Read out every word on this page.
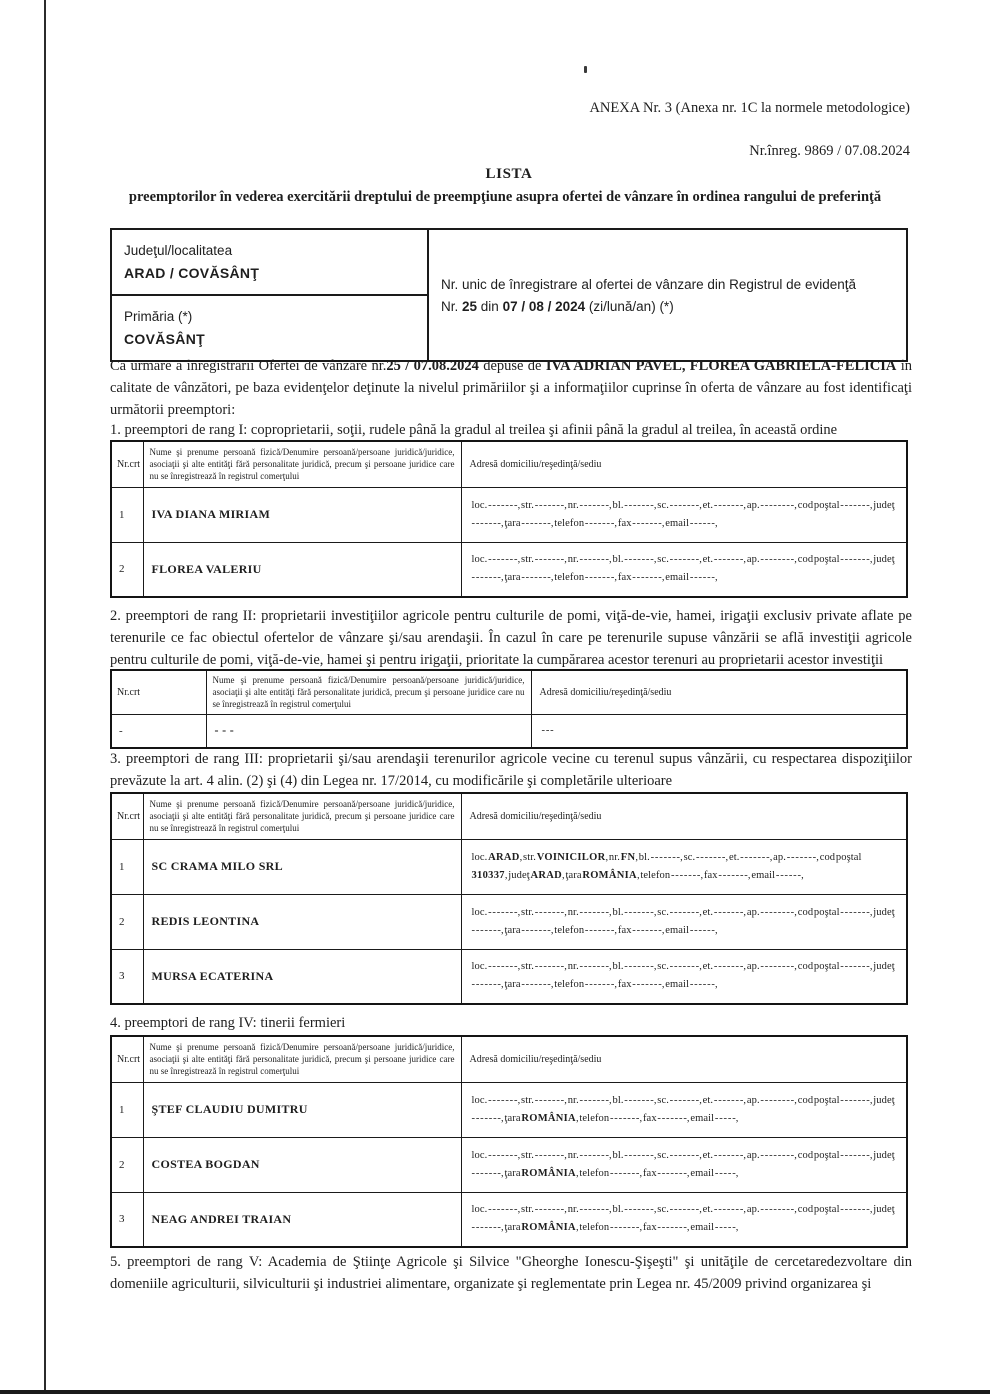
ANEXA Nr. 3 (Anexa nr. 1C la normele metodologice)
Nr.înreg. 9869 / 07.08.2024
LISTA
preemptorilor în vederea exercitării dreptului de preempţiune asupra ofertei de vânzare în ordinea rangului de preferinţă
Judeţul/localitatea
ARAD / COVĂSÂNŢ

Nr. unic de înregistrare al ofertei de vânzare din Registrul de evidenţă
Nr. 25 din 07 / 08 / 2024 (zi/lună/an) (*)

Primăria (*)
COVĂSÂNŢ
Ca urmare a înregistrării Ofertei de vânzare nr.25 / 07.08.2024 depuse de IVA ADRIAN PAVEL, FLOREA GABRIELA-FELICIA în calitate de vânzători, pe baza evidenţelor deţinute la nivelul primăriilor şi a informaţiilor cuprinse în oferta de vânzare au fost identificaţi următorii preemptori:
1. preemptori de rang I: coproprietarii, soţii, rudele până la gradul al treilea şi afinii până la gradul al treilea, în această ordine
Nr.crt	Nume şi prenume persoană fizică/Denumire persoană/persoane juridică/juridice, asociaţii şi alte entităţi fără personalitate juridică, precum şi persoane juridice care nu se înregistrează în registrul comerţului	Adresă domiciliu/reşedinţă/sediu
1	IVA DIANA MIRIAM	loc. - - - - - - -, str. - - - - - - -, nr. - - - - - - -, bl. - - - - - - -, sc. - - - - - - -, et. - - - - - - -, ap. - - - - - - - -, cod poştal - - - - - - -, judeţ - - - - - - -, ţara - - - - - - -, telefon - - - - - - -, fax - - - - - - -, email - - - - - -,
2	FLOREA VALERIU	loc. - - - - - - -, str. - - - - - - -, nr. - - - - - - -, bl. - - - - - - -, sc. - - - - - - -, et. - - - - - - -, ap. - - - - - - - -, cod poştal - - - - - - -, judeţ - - - - - - -, ţara - - - - - - -, telefon - - - - - - -, fax - - - - - - -, email - - - - - -,
2. preemptori de rang II: proprietarii investiţiilor agricole pentru culturile de pomi, viţă-de-vie, hamei, irigaţii exclusiv private aflate pe terenurile ce fac obiectul ofertelor de vânzare şi/sau arendaşii. În cazul în care pe terenurile supuse vânzării se află investiţii agricole pentru culturile de pomi, viţă-de-vie, hamei şi pentru irigaţii, prioritate la cumpărarea acestor terenuri au proprietarii acestor investiţii
Nr.crt	Nume şi prenume persoană fizică/Denumire persoană/persoane juridică/juridice, asociaţii şi alte entităţi fără personalitate juridică, precum şi persoane juridice care nu se înregistrează în registrul comerţului	Adresă domiciliu/reşedinţă/sediu
-	- - -	- - -
3. preemptori de rang III: proprietarii şi/sau arendaşii terenurilor agricole vecine cu terenul supus vânzării, cu respectarea dispoziţiilor prevăzute la art. 4 alin. (2) şi (4) din Legea nr. 17/2014, cu modificările şi completările ulterioare
Nr.crt	Nume şi prenume persoană fizică/Denumire persoană/persoane juridică/juridice, asociaţii şi alte entităţi fără personalitate juridică, precum şi persoane juridice care nu se înregistrează în registrul comerţului	Adresă domiciliu/reşedinţă/sediu
1	SC CRAMA MILO SRL	loc. ARAD, str. VOINICILOR, nr. FN, bl. - - - - - - -, sc. - - - - - - -, et. - - - - - - -, ap. - - - - - - -, cod poştal 310337, judeţ ARAD, ţara ROMÂNIA, telefon - - - - - - -, fax - - - - - - -, email - - - - - -,
2	REDIS LEONTINA	loc. - - - - - - -, str. - - - - - - -, nr. - - - - - - -, bl. - - - - - - -, sc. - - - - - - -, et. - - - - - - -, ap. - - - - - - - -, cod poştal - - - - - - -, judeţ - - - - - - -, ţara - - - - - - -, telefon - - - - - - -, fax - - - - - - -, email - - - - - -,
3	MURSA ECATERINA	loc. - - - - - - -, str. - - - - - - -, nr. - - - - - - -, bl. - - - - - - -, sc. - - - - - - -, et. - - - - - - -, ap. - - - - - - - -, cod poştal - - - - - - -, judeţ - - - - - - -, ţara - - - - - - -, telefon - - - - - - -, fax - - - - - - -, email - - - - - -,
4. preemptori de rang IV: tinerii fermieri
Nr.crt	Nume şi prenume persoană fizică/Denumire persoană/persoane juridică/juridice, asociaţii şi alte entităţi fără personalitate juridică, precum şi persoane juridice care nu se înregistrează în registrul comerţului	Adresă domiciliu/reşedinţă/sediu
1	ŞTEF CLAUDIU DUMITRU	loc. - - - - - - -, str. - - - - - - -, nr. - - - - - - -, bl. - - - - - - -, sc. - - - - - - -, et. - - - - - - -, ap. - - - - - - - -, cod poştal - - - - - - -, judeţ - - - - - - -, ţara ROMÂNIA, telefon - - - - - - -, fax - - - - - - -, email - - - - -,
2	COSTEA BOGDAN	loc. - - - - - - -, str. - - - - - - -, nr. - - - - - - -, bl. - - - - - - -, sc. - - - - - - -, et. - - - - - - -, ap. - - - - - - - -, cod poştal - - - - - - -, judeţ - - - - - - -, ţara ROMÂNIA, telefon - - - - - - -, fax - - - - - - -, email - - - - -,
3	NEAG ANDREI TRAIAN	loc. - - - - - - -, str. - - - - - - -, nr. - - - - - - -, bl. - - - - - - -, sc. - - - - - - -, et. - - - - - - -, ap. - - - - - - - -, cod poştal - - - - - - -, judeţ - - - - - - -, ţara ROMÂNIA, telefon - - - - - - -, fax - - - - - - -, email - - - - -,
5. preemptori de rang V: Academia de Ştiinţe Agricole şi Silvice "Gheorghe Ionescu-Şişeşti" şi unităţile de cercetaredezvoltare din domeniile agriculturii, silviculturii şi industriei alimentare, organizate şi reglementate prin Legea nr. 45/2009 privind organizarea şi
